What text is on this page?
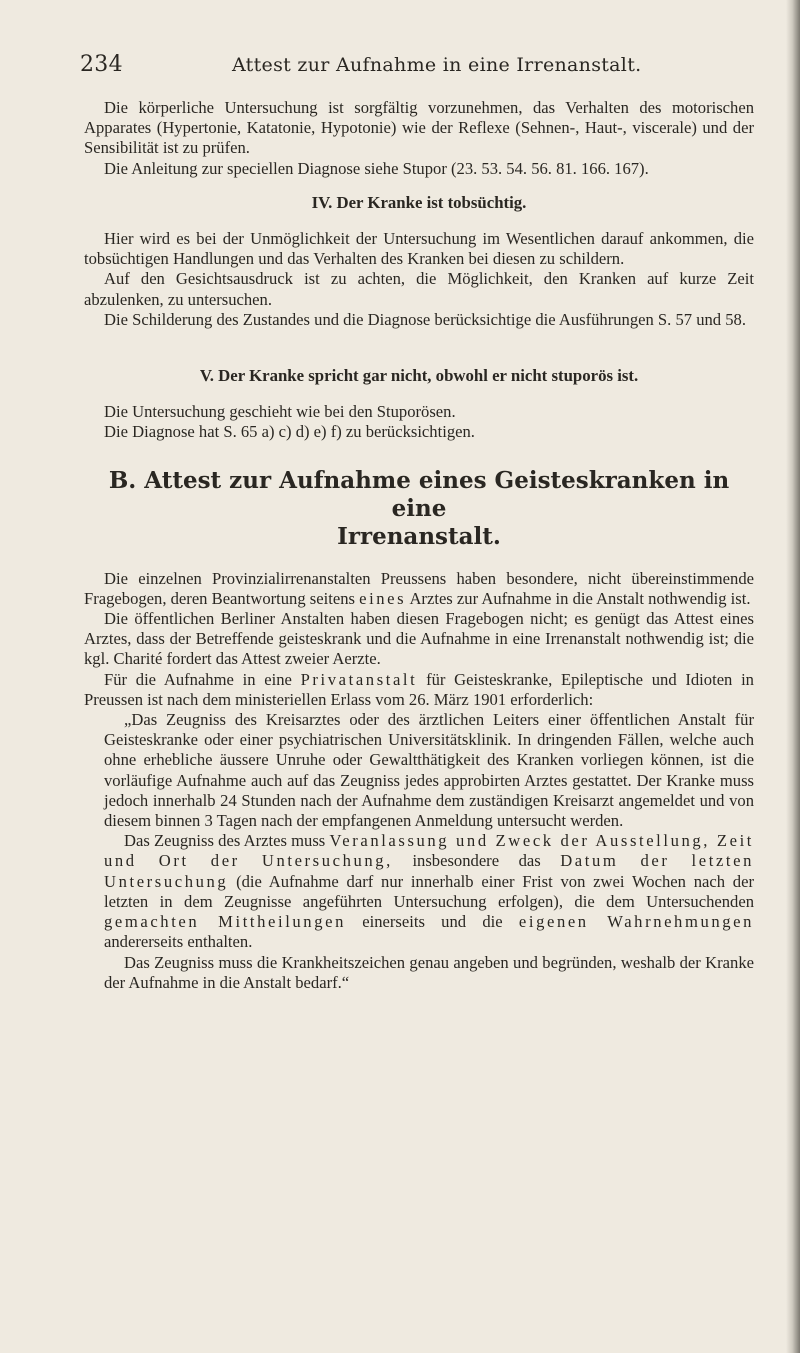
234	Attest zur Aufnahme in eine Irrenanstalt.

Die körperliche Untersuchung ist sorgfältig vorzunehmen, das Verhalten des motorischen Apparates (Hypertonie, Katatonie, Hypotonie) wie der Reflexe (Sehnen-, Haut-, viscerale) und der Sensibilität ist zu prüfen.

Die Anleitung zur speciellen Diagnose siehe Stupor (23. 53. 54. 56. 81. 166. 167).

IV. Der Kranke ist tobsüchtig.

Hier wird es bei der Unmöglichkeit der Untersuchung im Wesentlichen darauf ankommen, die tobsüchtigen Handlungen und das Verhalten des Kranken bei diesen zu schildern.

Auf den Gesichtsausdruck ist zu achten, die Möglichkeit, den Kranken auf kurze Zeit abzulenken, zu untersuchen.

Die Schilderung des Zustandes und die Diagnose berücksichtige die Ausführungen S. 57 und 58.

V. Der Kranke spricht gar nicht, obwohl er nicht stuporös ist.

Die Untersuchung geschieht wie bei den Stuporösen.

Die Diagnose hat S. 65 a) c) d) e) f) zu berücksichtigen.

B. Attest zur Aufnahme eines Geisteskranken in eine
Irrenanstalt.

Die einzelnen Provinzialirrenanstalten Preussens haben besondere, nicht übereinstimmende Fragebogen, deren Beantwortung seitens eines Arztes zur Aufnahme in die Anstalt nothwendig ist.

Die öffentlichen Berliner Anstalten haben diesen Fragebogen nicht; es genügt das Attest eines Arztes, dass der Betreffende geisteskrank und die Aufnahme in eine Irrenanstalt nothwendig ist; die kgl. Charité fordert das Attest zweier Aerzte.

Für die Aufnahme in eine Privatanstalt für Geisteskranke, Epileptische und Idioten in Preussen ist nach dem ministeriellen Erlass vom 26. März 1901 erforderlich:

„Das Zeugniss des Kreisarztes oder des ärztlichen Leiters einer öffentlichen Anstalt für Geisteskranke oder einer psychiatrischen Universitätsklinik. In dringenden Fällen, welche auch ohne erhebliche äussere Unruhe oder Gewaltthätigkeit des Kranken vorliegen können, ist die vorläufige Aufnahme auch auf das Zeugniss jedes approbirten Arztes gestattet. Der Kranke muss jedoch innerhalb 24 Stunden nach der Aufnahme dem zuständigen Kreisarzt angemeldet und von diesem binnen 3 Tagen nach der empfangenen Anmeldung untersucht werden.

Das Zeugniss des Arztes muss Veranlassung und Zweck der Ausstellung, Zeit und Ort der Untersuchung, insbesondere das Datum der letzten Untersuchung (die Aufnahme darf nur innerhalb einer Frist von zwei Wochen nach der letzten in dem Zeugnisse angeführten Untersuchung erfolgen), die dem Untersuchenden gemachten Mittheilungen einerseits und die eigenen Wahrnehmungen andererseits enthalten.

Das Zeugniss muss die Krankheitszeichen genau angeben und begründen, weshalb der Kranke der Aufnahme in die Anstalt bedarf.“
